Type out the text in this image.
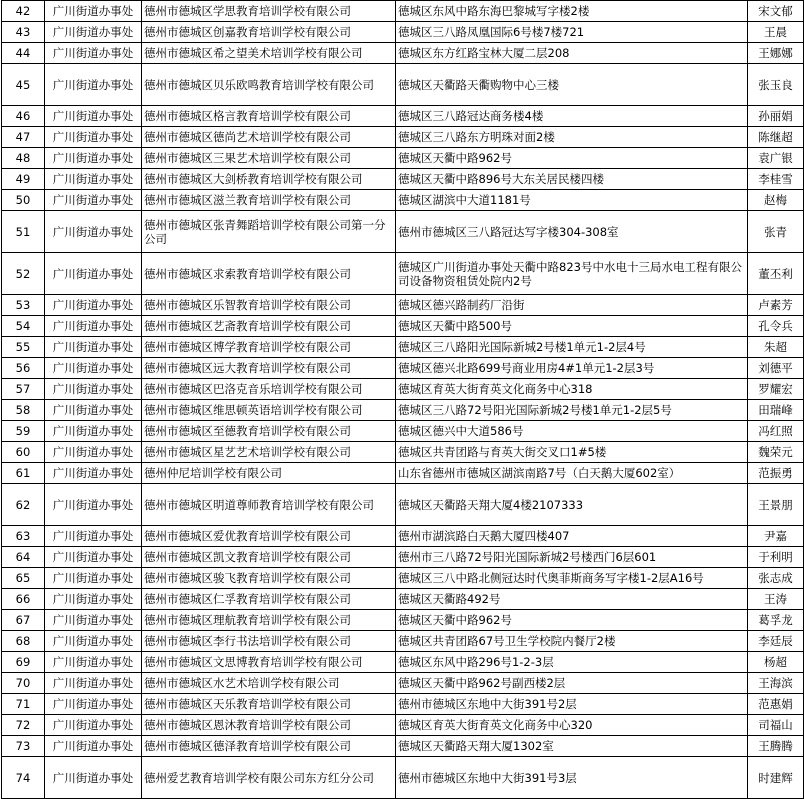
42	广川街道办事处	德州市德城区学思教育培训学校有限公司	德城区东风中路东海巴黎城写字楼2楼	宋文郁
43	广川街道办事处	德州市德城区创嘉教育培训学校有限公司	德城区三八路凤凰国际6号楼7楼721	王晨
44	广川街道办事处	德州市德城区希之望美术培训学校有限公司	德城区东方红路宝林大厦二层208	王娜娜
45	广川街道办事处	德州市德城区贝乐欧鸣教育培训学校有限公司	德城区天衢路天衢购物中心三楼	张玉良
46	广川街道办事处	德州市德城区格言教育培训学校有限公司	德城区三八路冠达商务楼4楼	孙丽娟
47	广川街道办事处	德州市德城区德尚艺术培训学校有限公司	德城区三八路东方明珠对面2楼	陈继超
48	广川街道办事处	德州市德城区三果艺术培训学校有限公司	德城区天衢中路962号	袁广银
49	广川街道办事处	德州市德城区大剑桥教育培训学校有限公司	德城区天衢中路896号大东关居民楼四楼	李桂雪
50	广川街道办事处	德州市德城区滋兰教育培训学校有限公司	德城区湖滨中大道1181号	赵梅
51	广川街道办事处	德州市德城区张青舞蹈培训学校有限公司第一分公司	德州市德城区三八路冠达写字楼304-308室	张青
52	广川街道办事处	德州市德城区求索教育培训学校有限公司	德城区广川街道办事处天衢中路823号中水电十三局水电工程有限公司设备物资租赁处院内2号	董丕利
53	广川街道办事处	德州市德城区乐智教育培训学校有限公司	德城区德兴路制药厂沿街	卢素芳
54	广川街道办事处	德州市德城区艺斋教育培训学校有限公司	德城区天衢中路500号	孔令兵
55	广川街道办事处	德州市德城区博学教育培训学校有限公司	德城区三八路阳光国际新城2号楼1单元1-2层4号	朱超
56	广川街道办事处	德州市德城区远大教育培训学校有限公司	德城区德兴北路699号商业用房4#1单元1-2层3号	刘德平
57	广川街道办事处	德州市德城区巴洛克音乐培训学校有限公司	德城区育英大街育英文化商务中心318	罗耀宏
58	广川街道办事处	德州市德城区维思顿英语培训学校有限公司	德城区三八路72号阳光国际新城2号楼1单元1-2层5号	田瑞峰
59	广川街道办事处	德州市德城区至德教育培训学校有限公司	德城区德兴中大道586号	冯红照
60	广川街道办事处	德州市德城区星艺艺术培训学校有限公司	德城区共青团路与育英大街交叉口1#5楼	魏荣元
61	广川街道办事处	德州仲尼培训学校有限公司	山东省德州市德城区湖滨南路7号（白天鹅大厦602室）	范振勇
62	广川街道办事处	德州市德城区明道尊师教育培训学校有限公司	德城区天衢路天翔大厦4楼2107333	王景朋
63	广川街道办事处	德州市德城区爱优教育培训学校有限公司	德州市湖滨路白天鹅大厦四楼407	尹嘉
64	广川街道办事处	德州市德城区凯文教育培训学校有限公司	德州市三八路72号阳光国际新城2号楼西门6层601	于利明
65	广川街道办事处	德州市德城区骏飞教育培训学校有限公司	德城区三八中路北侧冠达时代奥菲斯商务写字楼1-2层A16号	张志成
66	广川街道办事处	德州市德城区仁孚教育培训学校有限公司	德城区天衢路492号	王涛
67	广川街道办事处	德州市德城区理航教育培训学校有限公司	德城区天衢中路962号	葛孚龙
68	广川街道办事处	德州市德城区李行书法培训学校有限公司	德城区共青团路67号卫生学校院内餐厅2楼	李廷辰
69	广川街道办事处	德州市德城区文思博教育培训学校有限公司	德城区东风中路296号1-2-3层	杨超
70	广川街道办事处	德州市德城区水艺术培训学校有限公司	德城区天衢中路962号副西楼2层	王海滨
71	广川街道办事处	德州市德城区天乐教育培训学校有限公司	德州市德城区东地中大街391号2层	范惠娟
72	广川街道办事处	德州市德城区恩沐教育培训学校有限公司	德城区育英大街育英文化商务中心320	司福山
73	广川街道办事处	德州市德城区德泽教育培训学校有限公司	德城区天衢路天翔大厦1302室	王腾腾
74	广川街道办事处	德州爱艺教育培训学校有限公司东方红分公司	德州市德城区东地中大街391号3层	时建辉
